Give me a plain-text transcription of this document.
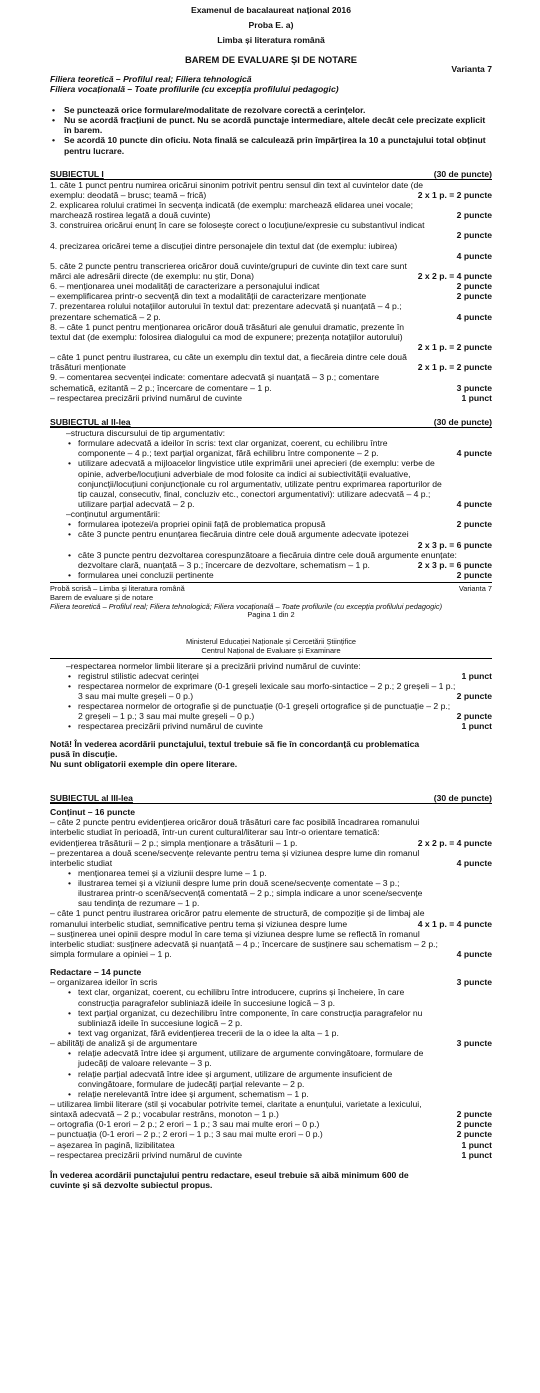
Examenul de bacalaureat național 2016
Proba E. a)
Limba și literatura română
BAREM DE EVALUARE ȘI DE NOTARE
Varianta 7
Filiera teoretică – Profilul real; Filiera tehnologică
Filiera vocațională – Toate profilurile (cu excepția profilului pedagogic)
• Se punctează orice formulare/modalitate de rezolvare corectă a cerințelor.
• Nu se acordă fracțiuni de punct. Nu se acordă punctaje intermediare, altele decât cele precizate explicit în barem.
• Se acordă 10 puncte din oficiu. Nota finală se calculează prin împărțirea la 10 a punctajului total obținut pentru lucrare.
SUBIECTUL I	(30 de puncte)
1. câte 1 punct pentru numirea oricărui sinonim potrivit pentru sensul din text al cuvintelor date (de
exemplu: deodată – brusc; teamă – frică)	2 x 1 p. = 2 puncte
2. explicarea rolului cratimei în secvența indicată (de exemplu: marchează elidarea unei vocale;
marchează rostirea legată a două cuvinte)	2 puncte
3. construirea oricărui enunț în care se folosește corect o locuțiune/expresie cu substantivul indicat
2 puncte
4. precizarea oricărei teme a discuției dintre personajele din textul dat (de exemplu: iubirea)
4 puncte
5. câte 2 puncte pentru transcrierea oricăror două cuvinte/grupuri de cuvinte din text care sunt
mărci ale adresării directe (de exemplu: nu știr, Dona)	2 x 2 p. = 4 puncte
6. – menționarea unei modalități de caracterizare a personajului indicat	2 puncte
– exemplificarea printr-o secvență din text a modalității de caracterizare menționate	2 puncte
7. prezentarea rolului notațiilor autorului în textul dat: prezentare adecvată și nuanțată – 4 p.;
prezentare schematică – 2 p.	4 puncte
8. – câte 1 punct pentru menționarea oricăror două trăsături ale genului dramatic, prezente în
textul dat (de exemplu: folosirea dialogului ca mod de expunere; prezența notațiilor autorului)
2 x 1 p. = 2 puncte
– câte 1 punct pentru ilustrarea, cu câte un exemplu din textul dat, a fiecăreia dintre cele două
trăsături menționate	2 x 1 p. = 2 puncte
9. – comentarea secvenței indicate: comentare adecvată și nuanțată – 3 p.; comentare
schematică, ezitantă – 2 p.; încercare de comentare – 1 p.	3 puncte
– respectarea precizării privind numărul de cuvinte	1 punct
SUBIECTUL al II-lea	(30 de puncte)
– structura discursului de tip argumentativ:
• formulare adecvată a ideilor în scris: text clar organizat, coerent, cu echilibru între
componente – 4 p.; text parțial organizat, fără echilibru între componente – 2 p.	4 puncte
• utilizare adecvată a mijloacelor lingvistice utile exprimării unei aprecieri (de exemplu: verbe de
opinie, adverbe/locuțiuni adverbiale de mod folosite ca indici ai subiectivității evaluative,
conjuncții/locuțiuni conjuncționale cu rol argumentativ, utilizate pentru exprimarea raporturilor de
tip cauzal, consecutiv, final, concluziv etc., conectori argumentativi): utilizare adecvată – 4 p.;
utilizare parțial adecvată – 2 p.	4 puncte
– conținutul argumentării:
• formularea ipotezei/a propriei opinii față de problematica propusă	2 puncte
• câte 3 puncte pentru enunțarea fiecăruia dintre cele două argumente adecvate ipotezei
2 x 3 p. = 6 puncte
• câte 3 puncte pentru dezvoltarea corespunzătoare a fiecăruia dintre cele două argumente enunțate:
dezvoltare clară, nuanțată – 3 p.; încercare de dezvoltare, schematism – 1 p.	2 x 3 p. = 6 puncte
• formularea unei concluzii pertinente	2 puncte
Probă scrisă – Limba și literatura română	Varianta 7
Barem de evaluare și de notare
Filiera teoretică – Profilul real; Filiera tehnologică; Filiera vocațională – Toate profilurile (cu excepția profilului pedagogic)
Pagina 1 din 2
Ministerul Educației Naționale și Cercetării Științifice
Centrul Național de Evaluare și Examinare
– respectarea normelor limbii literare și a precizării privind numărul de cuvinte:
• registrul stilistic adecvat cerinței	1 punct
• respectarea normelor de exprimare (0-1 greșeli lexicale sau morfo-sintactice – 2 p.; 2 greșeli – 1 p.;
3 sau mai multe greșeli – 0 p.)	2 puncte
• respectarea normelor de ortografie și de punctuație (0-1 greșeli ortografice și de punctuație – 2 p.;
2 greșeli – 1 p.; 3 sau mai multe greșeli – 0 p.)	2 puncte
• respectarea precizării privind numărul de cuvinte	1 punct
Notă! În vederea acordării punctajului, textul trebuie să fie în concordanță cu problematica
pusă în discuție.
Nu sunt obligatorii exemple din opere literare.
SUBIECTUL al III-lea	(30 de puncte)
Conținut – 16 puncte
– câte 2 puncte pentru evidențierea oricăror două trăsături care fac posibilă încadrarea romanului
interbelic studiat în perioadă, într-un curent cultural/literar sau într-o orientare tematică:
evidențierea trăsăturii – 2 p.; simpla menționare a trăsăturii – 1 p.	2 x 2 p. = 4 puncte
– prezentarea a două scene/secvențe relevante pentru tema și viziunea despre lume din romanul
interbelic studiat	4 puncte
• menționarea temei și a viziunii despre lume – 1 p.
• ilustrarea temei și a viziunii despre lume prin două scene/secvențe comentate – 3 p.;
ilustrarea printr-o scenă/secvență comentată – 2 p.; simpla indicare a unor scene/secvențe
sau tendința de rezumare – 1 p.
– câte 1 punct pentru ilustrarea oricăror patru elemente de structură, de compoziție și de limbaj ale
romanului interbelic studiat, semnificative pentru tema și viziunea despre lume	4 x 1 p. = 4 puncte
– susținerea unei opinii despre modul în care tema și viziunea despre lume se reflectă în romanul
interbelic studiat: susținere adecvată și nuanțată – 4 p.; încercare de susținere sau schematism – 2 p.;
simpla formulare a opiniei – 1 p.	4 puncte
Redactare – 14 puncte
– organizarea ideilor în scris	3 puncte
• text clar, organizat, coerent, cu echilibru între introducere, cuprins și încheiere, în care
construcția paragrafelor subliniază ideile în succesiune logică – 3 p.
• text parțial organizat, cu dezechilibru între componente, în care construcția paragrafelor nu
subliniază ideile în succesiune logică – 2 p.
• text vag organizat, fără evidențierea trecerii de la o idee la alta – 1 p.
– abilități de analiză și de argumentare	3 puncte
• relație adecvată între idee și argument, utilizare de argumente convingătoare, formulare de
judecăți de valoare relevante – 3 p.
• relație parțial adecvată între idee și argument, utilizare de argumente insuficient de
convingătoare, formulare de judecăți parțial relevante – 2 p.
• relație nerelevantă între idee și argument, schematism – 1 p.
– utilizarea limbii literare (stil și vocabular potrivite temei, claritate a enunțului, varietate a lexicului,
sintaxă adecvată – 2 p.; vocabular restrâns, monoton – 1 p.)	2 puncte
– ortografia (0-1 erori – 2 p.; 2 erori – 1 p.; 3 sau mai multe erori – 0 p.)	2 puncte
– punctuația (0-1 erori – 2 p.; 2 erori – 1 p.; 3 sau mai multe erori – 0 p.)	2 puncte
– așezarea în pagină, lizibilitatea	1 punct
– respectarea precizării privind numărul de cuvinte	1 punct
În vederea acordării punctajului pentru redactare, eseul trebuie să aibă minimum 600 de
cuvinte și să dezvolte subiectul propus.
